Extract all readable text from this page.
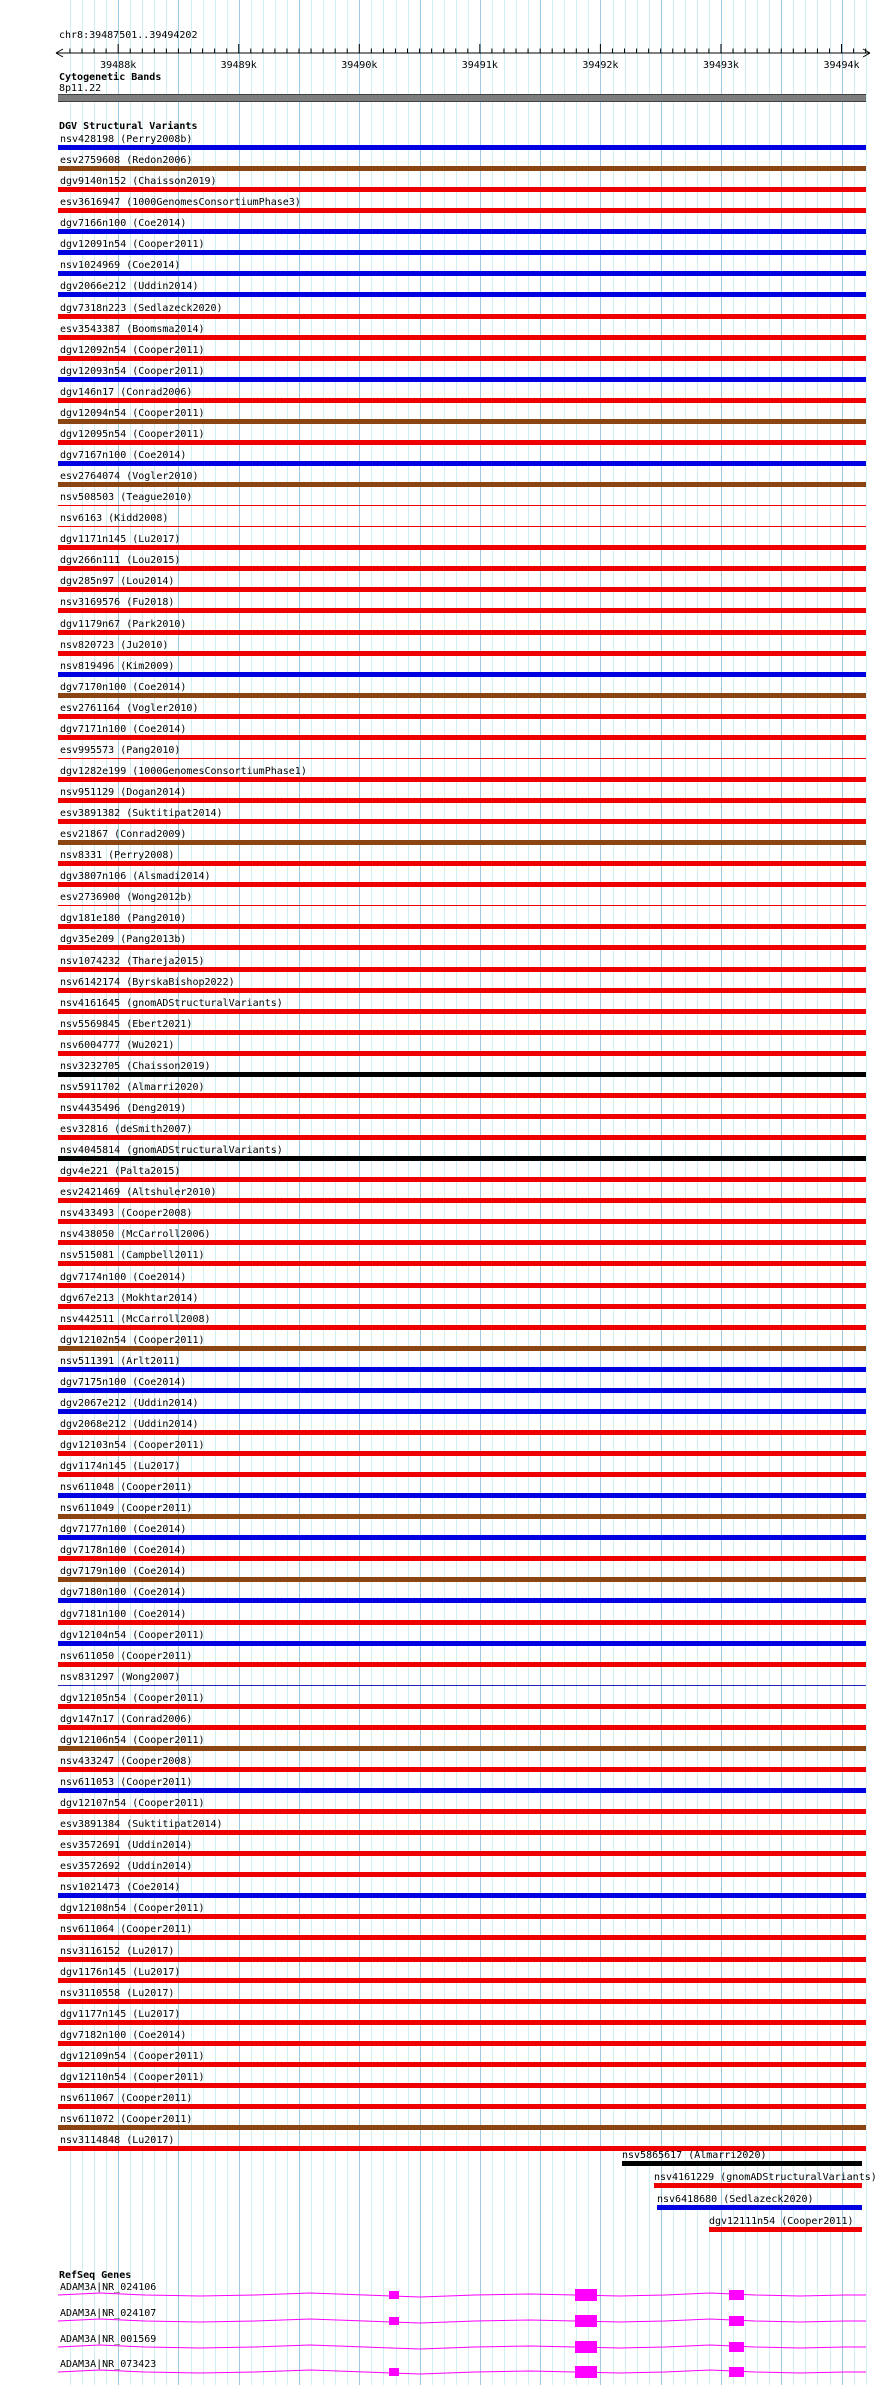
chr8:39487501..39494202
39488k	39489k	39490k	39491k	39492k	39493k	39494k
Cytogenetic Bands
8p11.22
DGV Structural Variants
nsv428198 (Perry2008b)
esv2759608 (Redon2006)
dgv9140n152 (Chaisson2019)
esv3616947 (1000GenomesConsortiumPhase3)
dgv7166n100 (Coe2014)
dgv12091n54 (Cooper2011)
nsv1024969 (Coe2014)
dgv2066e212 (Uddin2014)
dgv7318n223 (Sedlazeck2020)
esv3543387 (Boomsma2014)
dgv12092n54 (Cooper2011)
dgv12093n54 (Cooper2011)
dgv146n17 (Conrad2006)
dgv12094n54 (Cooper2011)
dgv12095n54 (Cooper2011)
dgv7167n100 (Coe2014)
esv2764074 (Vogler2010)
nsv508503 (Teague2010)
nsv6163 (Kidd2008)
dgv1171n145 (Lu2017)
dgv266n111 (Lou2015)
dgv285n97 (Lou2014)
nsv3169576 (Fu2018)
dgv1179n67 (Park2010)
nsv820723 (Ju2010)
nsv819496 (Kim2009)
dgv7170n100 (Coe2014)
esv2761164 (Vogler2010)
dgv7171n100 (Coe2014)
esv995573 (Pang2010)
dgv1282e199 (1000GenomesConsortiumPhase1)
nsv951129 (Dogan2014)
esv3891382 (Suktitipat2014)
esv21867 (Conrad2009)
nsv8331 (Perry2008)
dgv3807n106 (Alsmadi2014)
esv2736900 (Wong2012b)
dgv181e180 (Pang2010)
dgv35e209 (Pang2013b)
nsv1074232 (Thareja2015)
nsv6142174 (ByrskaBishop2022)
nsv4161645 (gnomADStructuralVariants)
nsv5569845 (Ebert2021)
nsv6004777 (Wu2021)
nsv3232705 (Chaisson2019)
nsv5911702 (Almarri2020)
nsv4435496 (Deng2019)
esv32816 (deSmith2007)
nsv4045814 (gnomADStructuralVariants)
dgv4e221 (Palta2015)
esv2421469 (Altshuler2010)
nsv433493 (Cooper2008)
nsv438050 (McCarroll2006)
nsv515081 (Campbell2011)
dgv7174n100 (Coe2014)
dgv67e213 (Mokhtar2014)
nsv442511 (McCarroll2008)
dgv12102n54 (Cooper2011)
nsv511391 (Arlt2011)
dgv7175n100 (Coe2014)
dgv2067e212 (Uddin2014)
dgv2068e212 (Uddin2014)
dgv12103n54 (Cooper2011)
dgv1174n145 (Lu2017)
nsv611048 (Cooper2011)
nsv611049 (Cooper2011)
dgv7177n100 (Coe2014)
dgv7178n100 (Coe2014)
dgv7179n100 (Coe2014)
dgv7180n100 (Coe2014)
dgv7181n100 (Coe2014)
dgv12104n54 (Cooper2011)
nsv611050 (Cooper2011)
nsv831297 (Wong2007)
dgv12105n54 (Cooper2011)
dgv147n17 (Conrad2006)
dgv12106n54 (Cooper2011)
nsv433247 (Cooper2008)
nsv611053 (Cooper2011)
dgv12107n54 (Cooper2011)
esv3891384 (Suktitipat2014)
esv3572691 (Uddin2014)
esv3572692 (Uddin2014)
nsv1021473 (Coe2014)
dgv12108n54 (Cooper2011)
nsv611064 (Cooper2011)
nsv3116152 (Lu2017)
dgv1176n145 (Lu2017)
nsv3110558 (Lu2017)
dgv1177n145 (Lu2017)
dgv7182n100 (Coe2014)
dgv12109n54 (Cooper2011)
dgv12110n54 (Cooper2011)
nsv611067 (Cooper2011)
nsv611072 (Cooper2011)
nsv3114848 (Lu2017)
nsv5865617 (Almarri2020)
nsv4161229 (gnomADStructuralVariants)
nsv6418680 (Sedlazeck2020)
dgv12111n54 (Cooper2011)
RefSeq Genes
ADAM3A|NR_024106
ADAM3A|NR_024107
ADAM3A|NR_001569
ADAM3A|NR_073423
